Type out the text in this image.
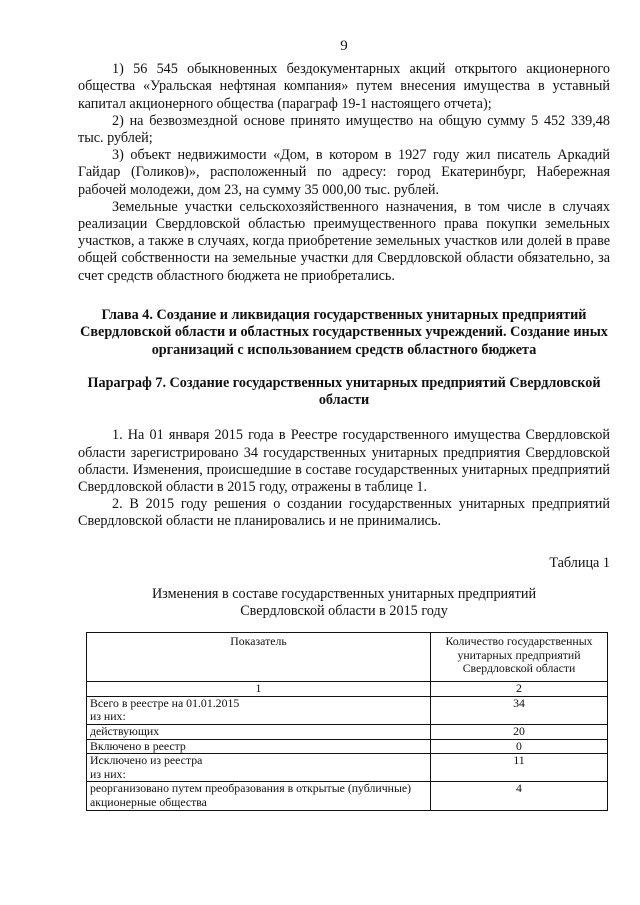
9

1) 56 545 обыкновенных бездокументарных акций открытого акционерного общества «Уральская нефтяная компания» путем внесения имущества в уставный капитал акционерного общества (параграф 19-1 настоящего отчета);

2) на безвозмездной основе принято имущество на общую сумму 5 452 339,48 тыс. рублей;

3) объект недвижимости «Дом, в котором в 1927 году жил писатель Аркадий Гайдар (Голиков)», расположенный по адресу: город Екатеринбург, Набережная рабочей молодежи, дом 23, на сумму 35 000,00 тыс. рублей.

Земельные участки сельскохозяйственного назначения, в том числе в случаях реализации Свердловской областью преимущественного права покупки земельных участков, а также в случаях, когда приобретение земельных участков или долей в праве общей собственности на земельные участки для Свердловской области обязательно, за счет средств областного бюджета не приобретались.

Глава 4. Создание и ликвидация государственных унитарных предприятий Свердловской области и областных государственных учреждений. Создание иных организаций с использованием средств областного бюджета
Параграф 7. Создание государственных унитарных предприятий Свердловской области

1. На 01 января 2015 года в Реестре государственного имущества Свердловской области зарегистрировано 34 государственных унитарных предприятия Свердловской области. Изменения, происшедшие в составе государственных унитарных предприятий Свердловской области в 2015 году, отражены в таблице 1.

2. В 2015 году решения о создании государственных унитарных предприятий Свердловской области не планировались и не принимались.

Таблица 1
Изменения в составе государственных унитарных предприятий
Свердловской области в 2015 году
Показатель	Количество государственных унитарных предприятий Свердловской области
1	2
Всего в реестре на 01.01.2015
из них:	34
действующих	20
Включено в реестр	0
Исключено из реестра
из них:	11
реорганизовано путем преобразования в открытые (публичные) акционерные общества	4
